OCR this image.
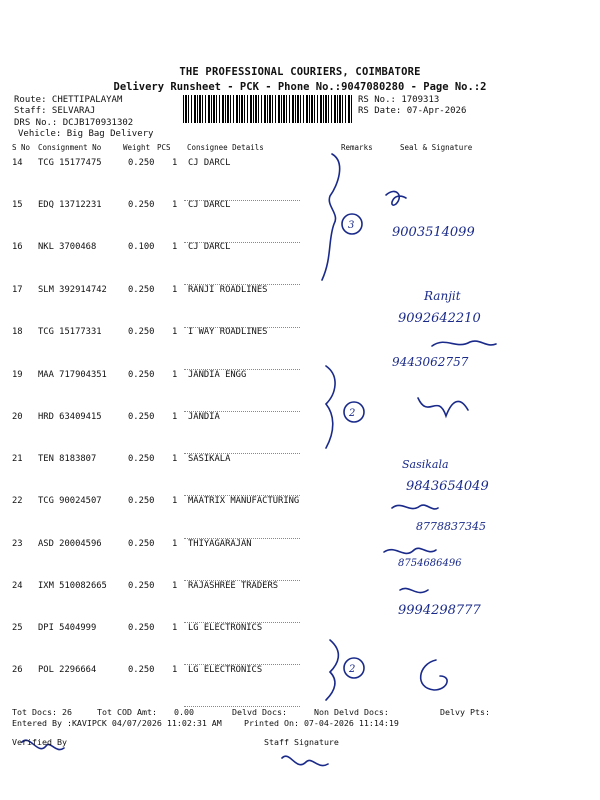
THE PROFESSIONAL COURIERS, COIMBATORE
Delivery Runsheet - PCK - Phone No.:9047080280 - Page No.:2
Route: CHETTIPALAYAM
Staff: SELVARAJ
DRS No.: DCJB170931302
Vehicle: Big Bag Delivery
RS No.: 1709313
RS Date: 07-Apr-2026
S No Consignment No	Weight PCS Consignee Details	Remarks	Seal & Signature
14 TCG 15177475	0.250 1 CJ DARCL
15 EDQ 13712231	0.250 1 CJ DARCL
16 NKL 3700468	0.100 1 CJ DARCL
17 SLM 392914742 0.250 1 RANJI ROADLINES
18 TCG 15177331	0.250 1 I WAY ROADLINES
19 MAA 717904351 0.250 1 JANDIA ENGG
20 HRD 63409415	0.250 1 JANDIA
21 TEN 8183807	0.250 1 SASIKALA
22 TCG 90024507	0.250 1 MAATRIX MANUFACTURING
23 ASD 20004596	0.250 1 THIYAGARAJAN
24 IXM 510082665 0.250 1 RAJASHREE TRADERS
25 DPI 5404999	0.250 1 LG ELECTRONICS
26 POL 2296664	0.250 1 LG ELECTRONICS
3
2
2
9003514099
Ranjit
9092642210
9443062757
Sasikala
9843654049
8778837345
8754686496
9994298777
Tot Docs: 26	Tot COD Amt: 0.00	Delvd Docs:	Non Delvd Docs:	Delvy Pts:
Entered By :KAVIPCK 04/07/2026 11:02:31 AM	Printed On: 07-04-2026 11:14:19
Verified By	Staff Signature
